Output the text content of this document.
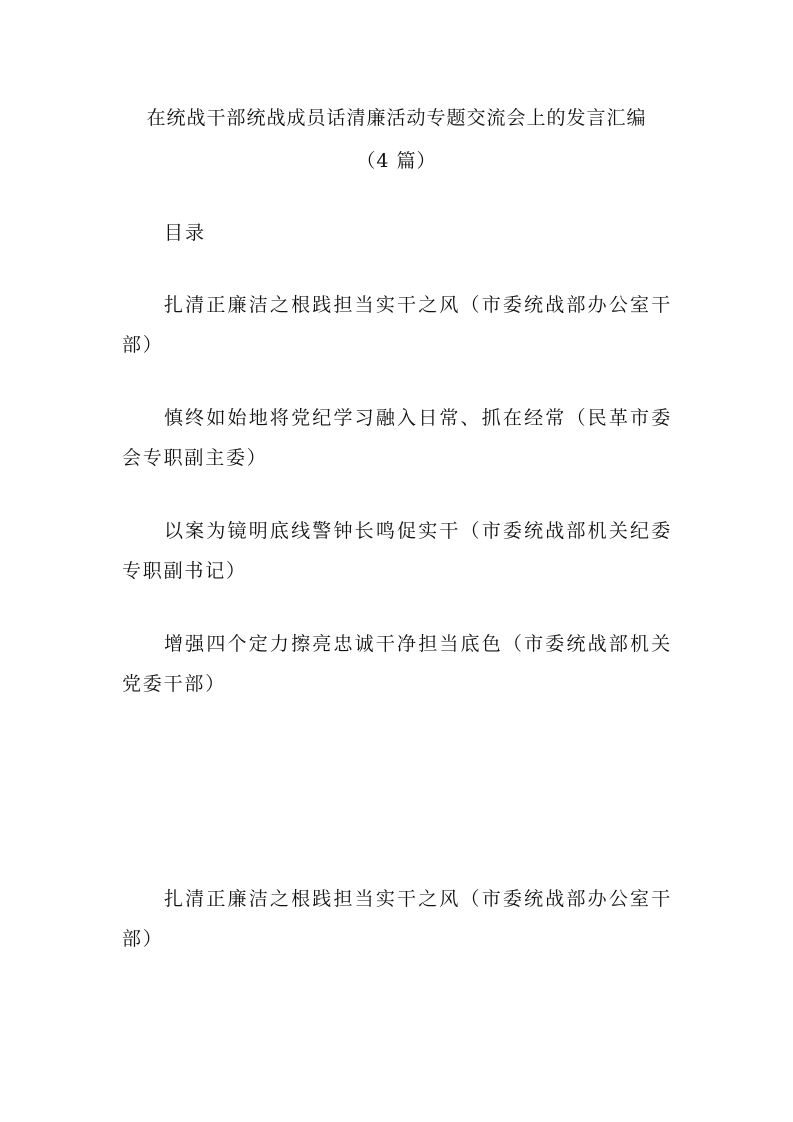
在统战干部统战成员话清廉活动专题交流会上的发言汇编
（4 篇）
目录
扎清正廉洁之根践担当实干之风（市委统战部办公室干部）
慎终如始地将党纪学习融入日常、抓在经常（民革市委会专职副主委）
以案为镜明底线警钟长鸣促实干（市委统战部机关纪委专职副书记）
增强四个定力擦亮忠诚干净担当底色（市委统战部机关党委干部）
扎清正廉洁之根践担当实干之风（市委统战部办公室干部）
